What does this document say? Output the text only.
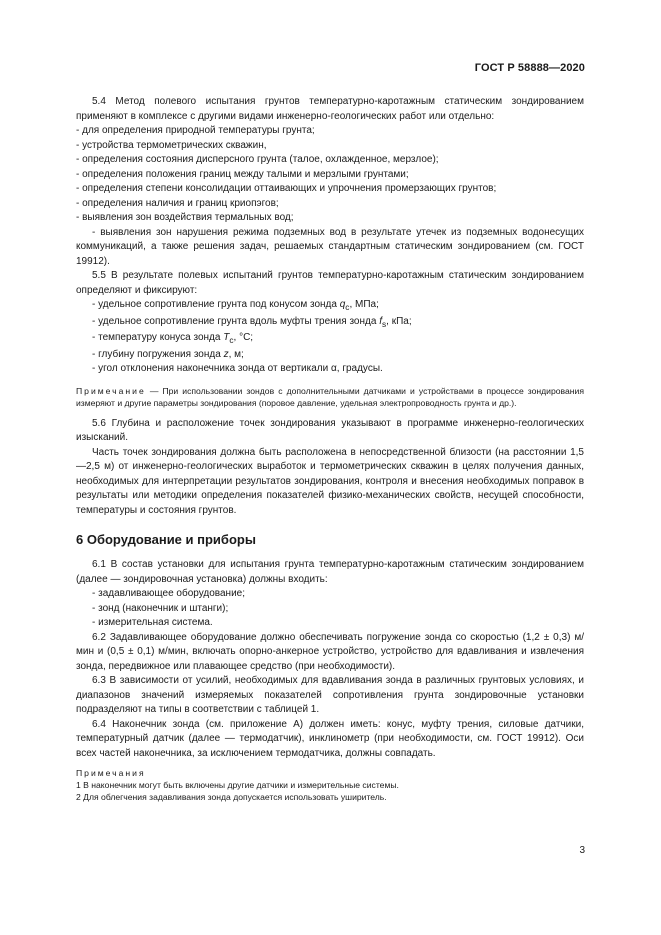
ГОСТ Р 58888—2020

5.4 Метод полевого испытания грунтов температурно-каротажным статическим зондированием применяют в комплексе с другими видами инженерно-геологических работ или отдельно:

- для определения природной температуры грунта;

- устройства термометрических скважин,

- определения состояния дисперсного грунта (талое, охлажденное, мерзлое);

- определения положения границ между талыми и мерзлыми грунтами;

- определения степени консолидации оттаивающих и упрочнения промерзающих грунтов;

- определения наличия и границ криопэгов;

- выявления зон воздействия термальных вод;

- выявления зон нарушения режима подземных вод в результате утечек из подземных водонесущих коммуникаций, а также решения задач, решаемых стандартным статическим зондированием (см. ГОСТ 19912).

5.5 В результате полевых испытаний грунтов температурно-каротажным статическим зондированием определяют и фиксируют:

- удельное сопротивление грунта под конусом зонда $q_c$, МПа;

- удельное сопротивление грунта вдоль муфты трения зонда $f_s$, кПа;

- температуру конуса зонда $T_c$, °С;

- глубину погружения зонда z, м;

- угол отклонения наконечника зонда от вертикали α, градусы.

Примечание — При использовании зондов с дополнительными датчиками и устройствами в процессе зондирования измеряют и другие параметры зондирования (поровое давление, удельная электропроводность грунта и др.).

5.6 Глубина и расположение точек зондирования указывают в программе инженерно-геологических изысканий.

Часть точек зондирования должна быть расположена в непосредственной близости (на расстоянии 1,5—2,5 м) от инженерно-геологических выработок и термометрических скважин в целях получения данных, необходимых для интерпретации результатов зондирования, контроля и внесения необходимых поправок в результаты или методики определения показателей физико-механических свойств, несущей способности, температуры и состояния грунтов.

6 Оборудование и приборы

6.1 В состав установки для испытания грунта температурно-каротажным статическим зондированием (далее — зондировочная установка) должны входить:

- задавливающее оборудование;

- зонд (наконечник и штанги);

- измерительная система.

6.2 Задавливающее оборудование должно обеспечивать погружение зонда со скоростью (1,2 ± 0,3) м/мин и (0,5 ± 0,1) м/мин, включать опорно-анкерное устройство, устройство для вдавливания и извлечения зонда, передвижное или плавающее средство (при необходимости).

6.3 В зависимости от усилий, необходимых для вдавливания зонда в различных грунтовых условиях, и диапазонов значений измеряемых показателей сопротивления грунта зондировочные установки подразделяют на типы в соответствии с таблицей 1.

6.4 Наконечник зонда (см. приложение А) должен иметь: конус, муфту трения, силовые датчики, температурный датчик (далее — термодатчик), инклинометр (при необходимости, см. ГОСТ 19912). Оси всех частей наконечника, за исключением термодатчика, должны совпадать.

Примечания
1 В наконечник могут быть включены другие датчики и измерительные системы.
2 Для облегчения задавливания зонда допускается использовать уширитель.
3
